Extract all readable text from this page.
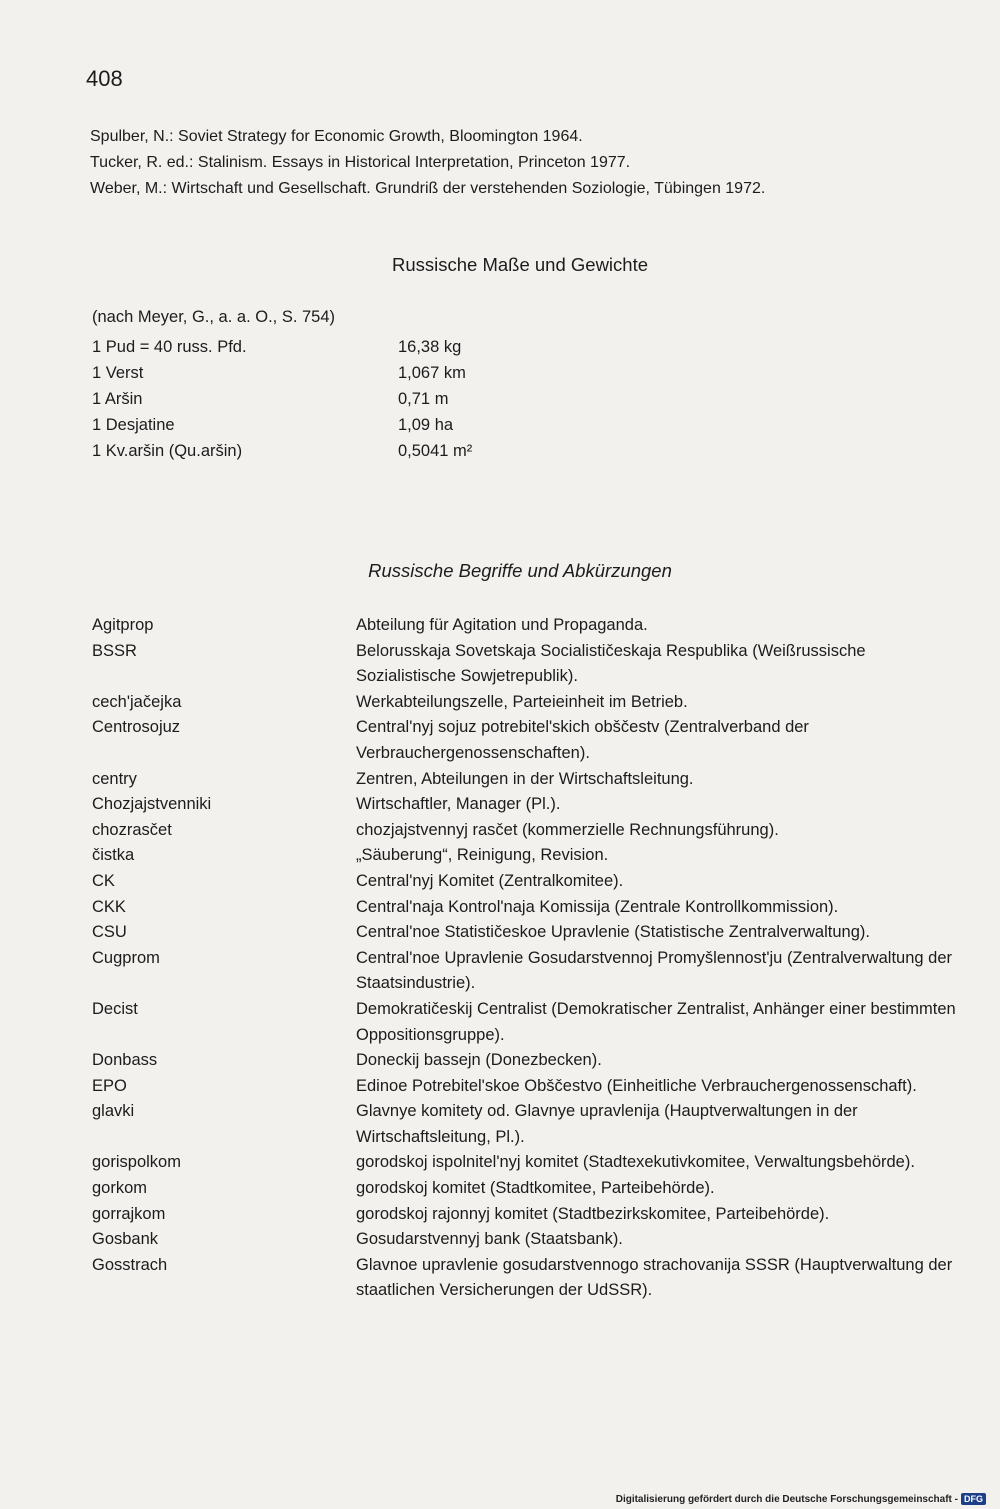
408
Spulber, N.: Soviet Strategy for Economic Growth, Bloomington 1964.
Tucker, R. ed.: Stalinism. Essays in Historical Interpretation, Princeton 1977.
Weber, M.: Wirtschaft und Gesellschaft. Grundriß der verstehenden Soziologie, Tübingen 1972.
Russische Maße und Gewichte
(nach Meyer, G., a. a. O., S. 754)
1 Pud = 40 russ. Pfd.	16,38 kg
1 Verst	1,067 km
1 Aršin	0,71 m
1 Desjatine	1,09 ha
1 Kv.aršin (Qu.aršin)	0,5041 m²
Russische Begriffe und Abkürzungen
Agitprop	Abteilung für Agitation und Propaganda.
BSSR	Belorusskaja Sovetskaja Socialističeskaja Respublika (Weißrussische Sozialistische Sowjetrepublik).
cech'jačejka	Werkabteilungszelle, Parteieinheit im Betrieb.
Centrosojuz	Central'nyj sojuz potrebitel'skich obščestv (Zentralverband der Verbrauchergenossenschaften).
centry	Zentren, Abteilungen in der Wirtschaftsleitung.
Chozjajstvenniki	Wirtschaftler, Manager (Pl.).
chozrasčet	chozjajstvennyj rasčet (kommerzielle Rechnungsführung).
čistka	„Säuberung“, Reinigung, Revision.
CK	Central'nyj Komitet (Zentralkomitee).
CKK	Central'naja Kontrol'naja Komissija (Zentrale Kontrollkommission).
CSU	Central'noe Statističeskoe Upravlenie (Statistische Zentralverwaltung).
Cugprom	Central'noe Upravlenie Gosudarstvennoj Promyšlennost'ju (Zentralverwaltung der Staatsindustrie).
Decist	Demokratičeskij Centralist (Demokratischer Zentralist, Anhänger einer bestimmten Oppositionsgruppe).
Donbass	Doneckij bassejn (Donezbecken).
EPO	Edinoe Potrebitel'skoe Obščestvo (Einheitliche Verbrauchergenossenschaft).
glavki	Glavnye komitety od. Glavnye upravlenija (Hauptverwaltungen in der Wirtschaftsleitung, Pl.).
gorispolkom	gorodskoj ispolnitel'nyj komitet (Stadtexekutivkomitee, Verwaltungsbehörde).
gorkom	gorodskoj komitet (Stadtkomitee, Parteibehörde).
gorrajkom	gorodskoj rajonnyj komitet (Stadtbezirkskomitee, Parteibehörde).
Gosbank	Gosudarstvennyj bank (Staatsbank).
Gosstrach	Glavnoe upravlenie gosudarstvennogo strachovanija SSSR (Hauptverwaltung der staatlichen Versicherungen der UdSSR).
Digitalisierung gefördert durch die Deutsche Forschungsgemeinschaft - DFG
